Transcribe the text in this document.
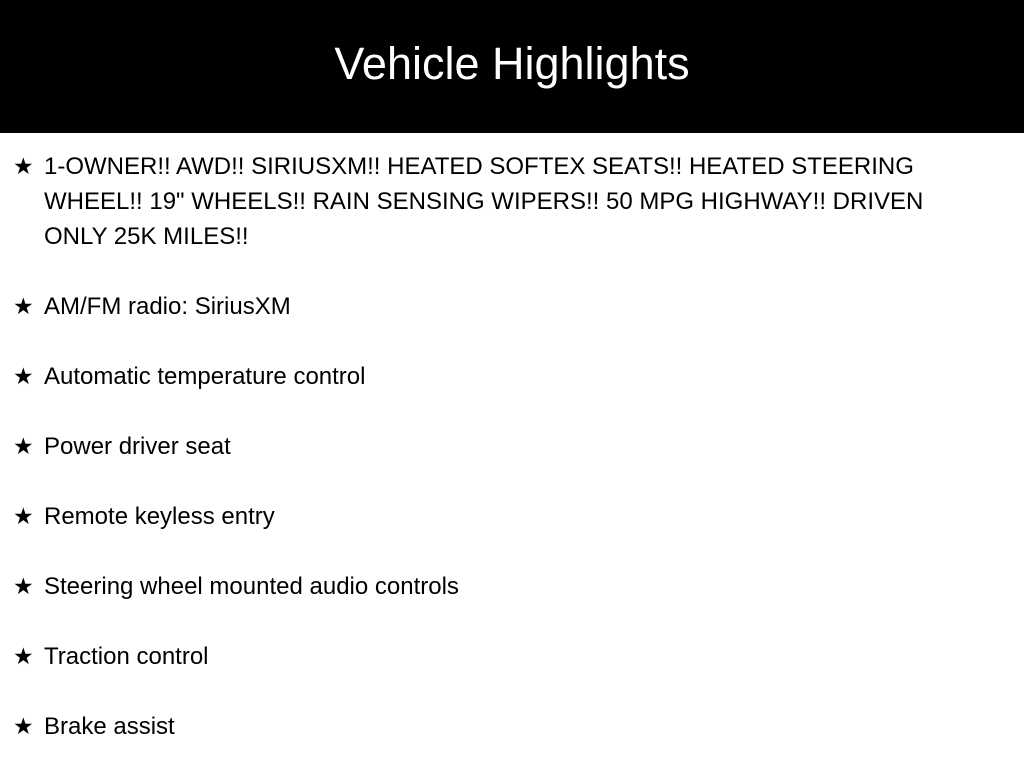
Vehicle Highlights
★ 1-OWNER!! AWD!! SIRIUSXM!! HEATED SOFTEX SEATS!! HEATED STEERING WHEEL!! 19" WHEELS!! RAIN SENSING WIPERS!! 50 MPG HIGHWAY!! DRIVEN ONLY 25K MILES!!
★ AM/FM radio: SiriusXM
★ Automatic temperature control
★ Power driver seat
★ Remote keyless entry
★ Steering wheel mounted audio controls
★ Traction control
★ Brake assist
